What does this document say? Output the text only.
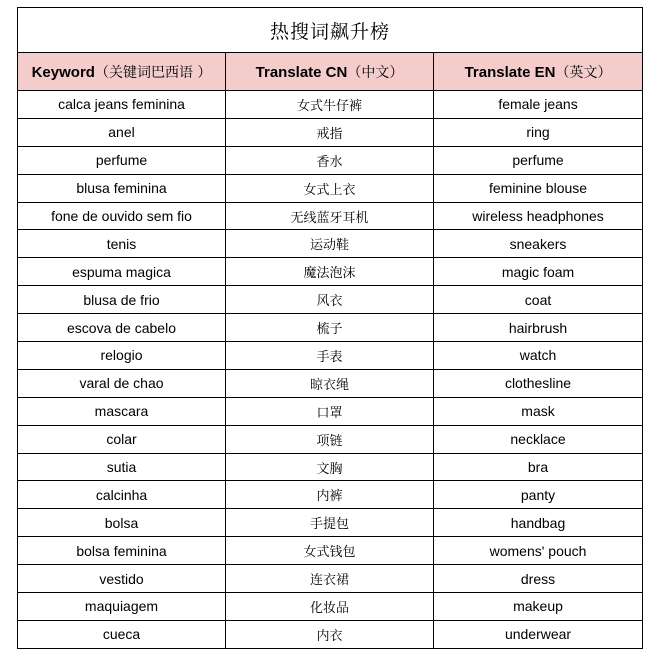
热搜词飙升榜		
Keyword（关键词巴西语 ）	Translate CN（中文）	Translate EN（英文）
calca jeans feminina	女式牛仔裤	female jeans
anel	戒指	ring
perfume	香水	perfume
blusa feminina	女式上衣	feminine blouse
fone de ouvido sem fio	无线蓝牙耳机	wireless headphones
tenis	运动鞋	sneakers
espuma magica	魔法泡沫	magic foam
blusa de frio	风衣	coat
escova de cabelo	梳子	hairbrush
relogio	手表	watch
varal de chao	晾衣绳	clothesline
mascara	口罩	mask
colar	项链	necklace
sutia	文胸	bra
calcinha	内裤	panty
bolsa	手提包	handbag
bolsa feminina	女式钱包	womens' pouch
vestido	连衣裙	dress
maquiagem	化妆品	makeup
cueca	内衣	underwear
